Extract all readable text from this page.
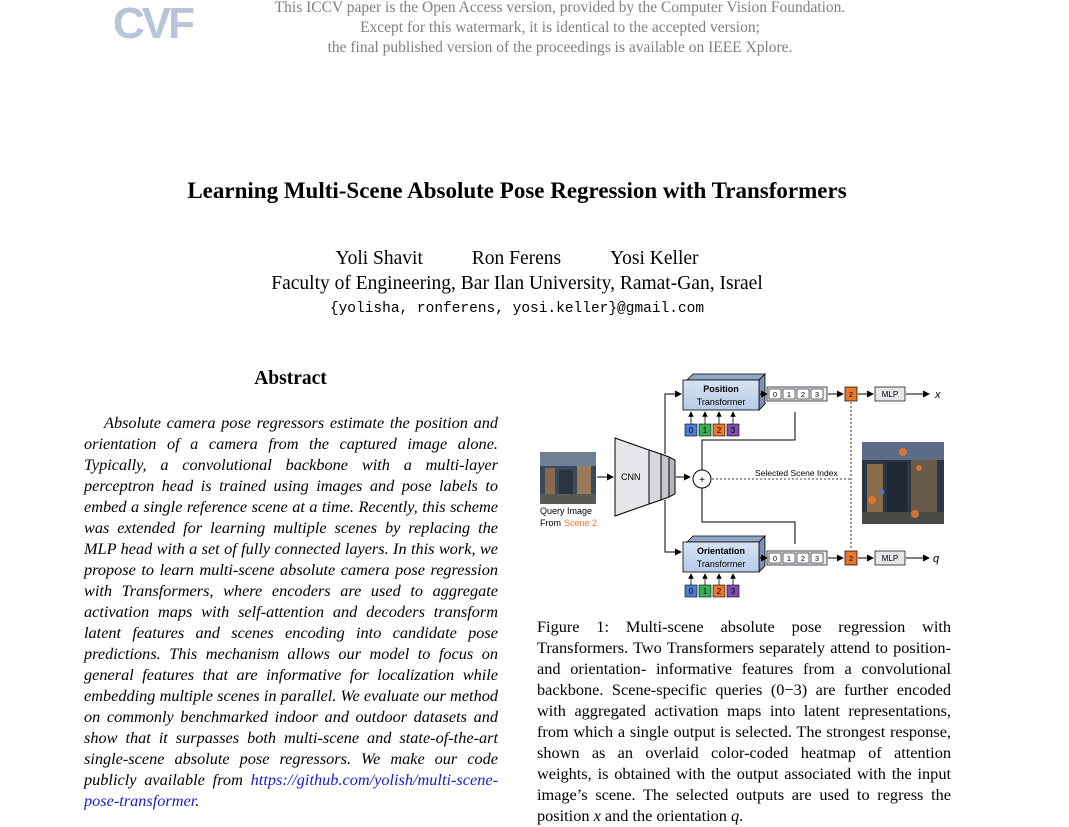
CVF	This ICCV paper is the Open Access version, provided by the Computer Vision Foundation.
Except for this watermark, it is identical to the accepted version;
the final published version of the proceedings is available on IEEE Xplore.
Learning Multi-Scene Absolute Pose Regression with Transformers
Yoli Shavit	Ron Ferens	Yosi Keller
Faculty of Engineering, Bar Ilan University, Ramat-Gan, Israel
{yolisha, ronferens, yosi.keller}@gmail.com
Abstract
Absolute camera pose regressors estimate the position and orientation of a camera from the captured image alone. Typically, a convolutional backbone with a multi-layer perceptron head is trained using images and pose labels to embed a single reference scene at a time. Recently, this scheme was extended for learning multiple scenes by replacing the MLP head with a set of fully connected layers. In this work, we propose to learn multi-scene absolute camera pose regression with Transformers, where encoders are used to aggregate activation maps with self-attention and decoders transform latent features and scenes encoding into candidate pose predictions. This mechanism allows our model to focus on general features that are informative for localization while embedding multiple scenes in parallel. We evaluate our method on commonly benchmarked indoor and outdoor datasets and show that it surpasses both multi-scene and state-of-the-art single-scene absolute pose regressors. We make our code publicly available from https://github.com/yolish/multi-scene-pose-transformer.
Query Image
From Scene 2
CNN	+
Position
Transformer
Orientation
Transformer
0 1 2 3
0 1 2 3
0 1 2 3	2	MLP	x
0 1 2 3	2	MLP	q
Selected Scene Index
Figure 1: Multi-scene absolute pose regression with Transformers. Two Transformers separately attend to position- and orientation- informative features from a convolutional backbone. Scene-specific queries (0−3) are further encoded with aggregated activation maps into latent representations, from which a single output is selected. The strongest response, shown as an overlaid color-coded heatmap of attention weights, is obtained with the output associated with the input image’s scene. The selected outputs are used to regress the position x and the orientation q.
